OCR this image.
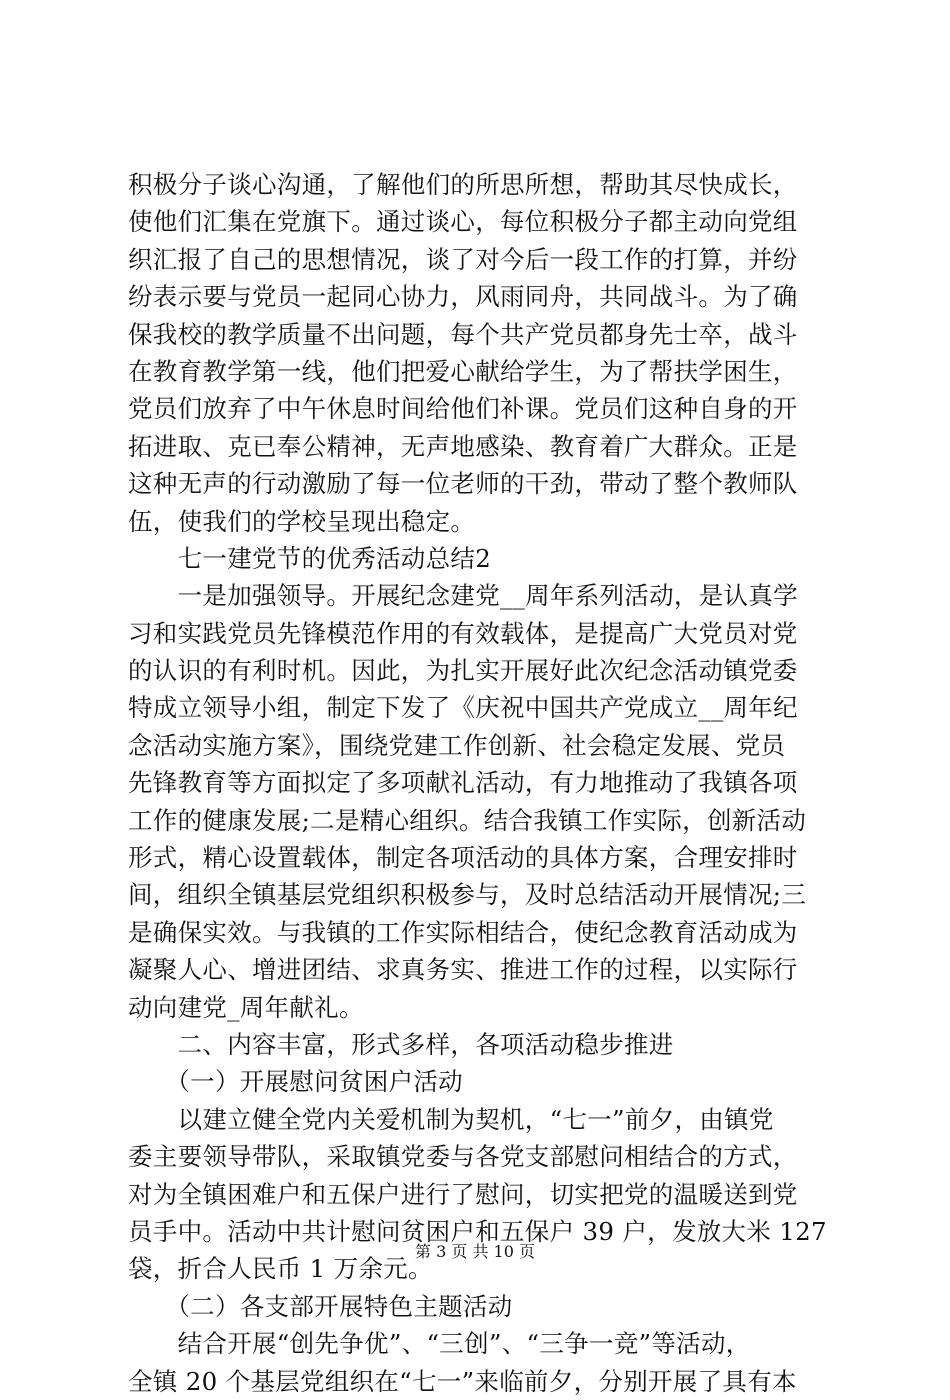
积极分子谈心沟通，了解他们的所思所想，帮助其尽快成长，
使他们汇集在党旗下。通过谈心，每位积极分子都主动向党组
织汇报了自己的思想情况，谈了对今后一段工作的打算，并纷
纷表示要与党员一起同心协力，风雨同舟，共同战斗。为了确
保我校的教学质量不出问题，每个共产党员都身先士卒，战斗
在教育教学第一线，他们把爱心献给学生，为了帮扶学困生，
党员们放弃了中午休息时间给他们补课。党员们这种自身的开
拓进取、克已奉公精神，无声地感染、教育着广大群众。正是
这种无声的行动激励了每一位老师的干劲，带动了整个教师队
伍，使我们的学校呈现出稳定。
　　七一建党节的优秀活动总结2
　　一是加强领导。开展纪念建党__周年系列活动，是认真学
习和实践党员先锋模范作用的有效载体，是提高广大党员对党
的认识的有利时机。因此，为扎实开展好此次纪念活动镇党委
特成立领导小组，制定下发了《庆祝中国共产党成立__周年纪
念活动实施方案》，围绕党建工作创新、社会稳定发展、党员
先锋教育等方面拟定了多项献礼活动，有力地推动了我镇各项
工作的健康发展;二是精心组织。结合我镇工作实际，创新活动
形式，精心设置载体，制定各项活动的具体方案，合理安排时
间，组织全镇基层党组织积极参与，及时总结活动开展情况;三
是确保实效。与我镇的工作实际相结合，使纪念教育活动成为
凝聚人心、增进团结、求真务实、推进工作的过程，以实际行
动向建党_周年献礼。
　　二、内容丰富，形式多样，各项活动稳步推进
　　（一）开展慰问贫困户活动
　　以建立健全党内关爱机制为契机，“七一”前夕，由镇党
委主要领导带队，采取镇党委与各党支部慰问相结合的方式，
对为全镇困难户和五保户进行了慰问，切实把党的温暖送到党
员手中。活动中共计慰问贫困户和五保户 39 户，发放大米 127
袋，折合人民币 1 万余元。
　　（二）各支部开展特色主题活动
　　结合开展“创先争优”、“三创”、“三争一竞”等活动，
全镇 20 个基层党组织在“七一”来临前夕，分别开展了具有本
第 3 页 共 10 页
